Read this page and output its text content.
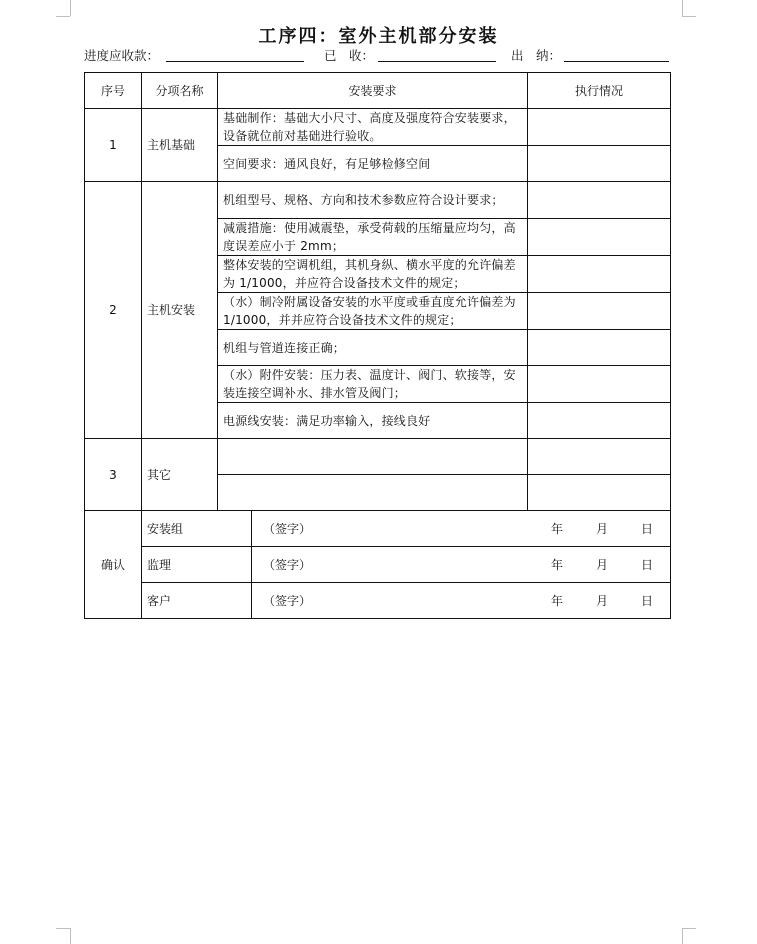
工序四：室外主机部分安装
进度应收款：	已　收：	出　纳：
序号	分项名称	安装要求		执行情况
1	主机基础	基础制作：基础大小尺寸、高度及强度符合安装要求，设备就位前对基础进行验收。		
		空间要求：通风良好，有足够检修空间		
2	主机安装	机组型号、规格、方向和技术参数应符合设计要求；		
		减震措施：使用减震垫，承受荷载的压缩量应均匀，高度误差应小于 2mm；		
		整体安装的空调机组，其机身纵、横水平度的允许偏差为 1/1000，并应符合设备技术文件的规定；		
		（水）制冷附属设备安装的水平度或垂直度允许偏差为 1/1000，并并应符合设备技术文件的规定；		
		机组与管道连接正确；		
		（水）附件安装：压力表、温度计、阀门、软接等，安装连接空调补水、排水管及阀门；		
		电源线安装：满足功率输入，接线良好		
3	其它			

确认	安装组		（签字） 年 月 日	
	监理		（签字） 年 月 日	
	客户		（签字） 年 月 日	
